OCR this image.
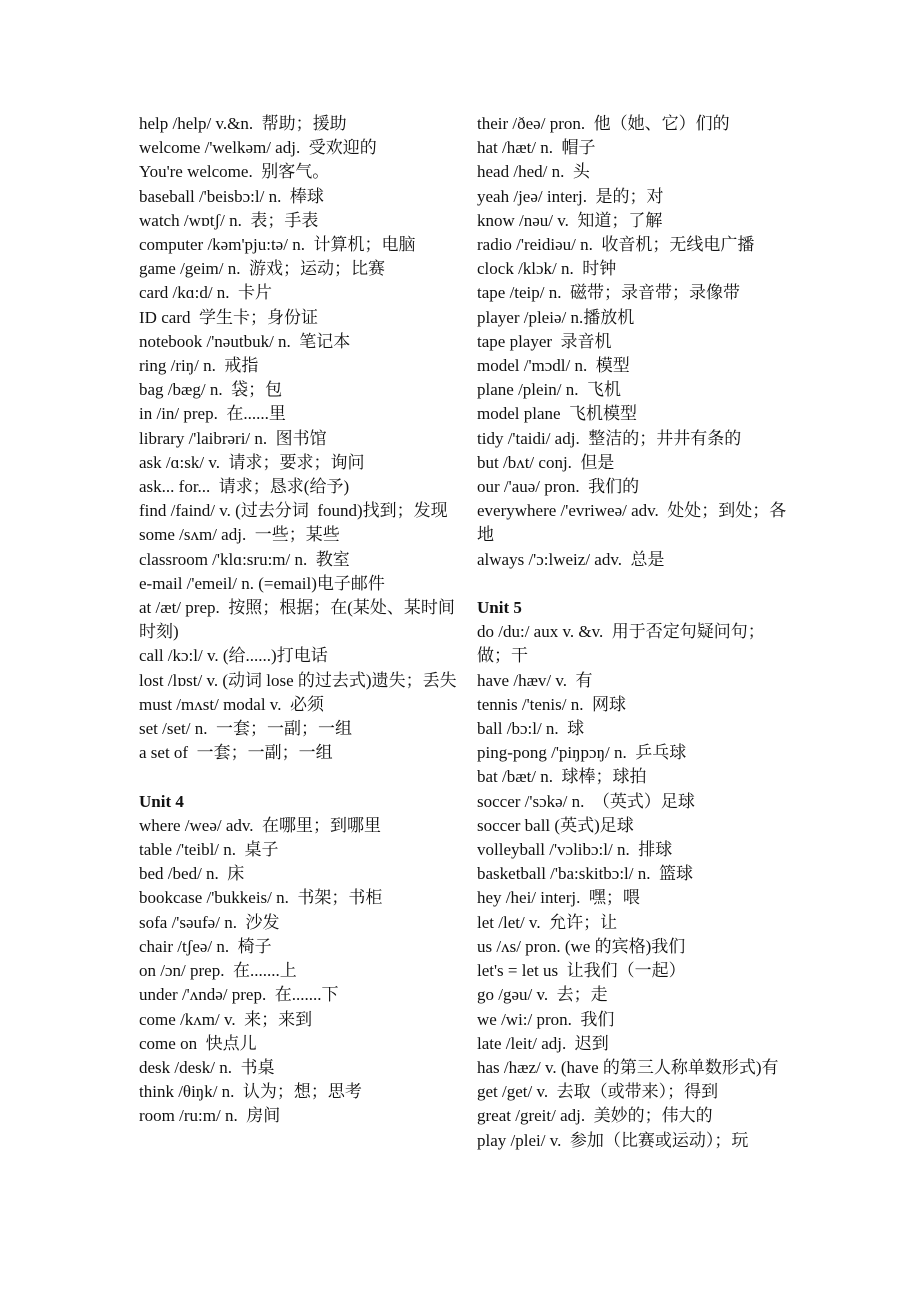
help /help/ v.&n.  帮助；援助
welcome /'welkəm/ adj.  受欢迎的
You're welcome.  别客气。
baseball /'beisbɔ:l/ n.  棒球
watch /wɒtʃ/ n.  表；手表
computer /kəm'pju:tə/ n.  计算机；电脑
game /geim/ n.  游戏；运动；比赛
card /kɑ:d/ n.  卡片
ID card  学生卡；身份证
notebook /'nəutbuk/ n.  笔记本
ring /riŋ/ n.  戒指
bag /bæg/ n.  袋；包
in /in/ prep.  在......里
library /'laibrəri/ n.  图书馆
ask /ɑ:sk/ v.  请求；要求；询问
ask... for...  请求；恳求(给予)
find /faind/ v. (过去分词  found)找到；发现
some /sʌm/ adj.  一些；某些
classroom /'klɑ:sru:m/ n.  教室
e-mail /'emeil/ n. (=email)电子邮件
at /æt/ prep.  按照；根据；在(某处、某时间时刻)
call /kɔ:l/ v. (给......)打电话
lost /lɒst/ v. (动词 lose 的过去式)遗失；丢失
must /mʌst/ modal v.  必须
set /set/ n.  一套；一副；一组
a set of  一套；一副；一组
Unit 4
where /weə/ adv.  在哪里；到哪里
table /'teibl/ n.  桌子
bed /bed/ n.  床
bookcase /'bukkeis/ n.  书架；书柜
sofa /'səufə/ n.  沙发
chair /tʃeə/ n.  椅子
on /ɔn/ prep.  在.......上
under /'ʌndə/ prep.  在.......下
come /kʌm/ v.  来；来到
come on  快点儿
desk /desk/ n.  书桌
think /θiŋk/ n.  认为；想；思考
room /ru:m/ n.  房间
their /ðeə/ pron.  他（她、它）们的
hat /hæt/ n.  帽子
head /hed/ n.  头
yeah /jeə/ interj.  是的；对
know /nəu/ v.  知道；了解
radio /'reidiəu/ n.  收音机；无线电广播
clock /klɔk/ n.  时钟
tape /teip/ n.  磁带；录音带；录像带
player /pleiə/ n.播放机
tape player  录音机
model /'mɔdl/ n.  模型
plane /plein/ n.  飞机
model plane  飞机模型
tidy /'taidi/ adj.  整洁的；井井有条的
but /bʌt/ conj.  但是
our /'auə/ pron.  我们的
everywhere /'evriweə/ adv.  处处；到处；各地
always /'ɔ:lweiz/ adv.  总是
Unit 5
do /du:/ aux v. &v.  用于否定句疑问句；做；干
have /hæv/ v.  有
tennis /'tenis/ n.  网球
ball /bɔ:l/ n.  球
ping-pong /'piŋpɔŋ/ n.  乒乓球
bat /bæt/ n.  球棒；球拍
soccer /'sɔkə/ n.  （英式）足球
soccer ball (英式)足球
volleyball /'vɔlibɔ:l/ n.  排球
basketball /'ba:skitbɔ:l/ n.  篮球
hey /hei/ interj.  嘿；喂
let /let/ v.  允许；让
us /ʌs/ pron. (we 的宾格)我们
let's = let us  让我们（一起）
go /gəu/ v.  去；走
we /wi:/ pron.  我们
late /leit/ adj.  迟到
has /hæz/ v. (have 的第三人称单数形式)有
get /get/ v.  去取（或带来）；得到
great /greit/ adj.  美妙的；伟大的
play /plei/ v.  参加（比赛或运动）；玩
